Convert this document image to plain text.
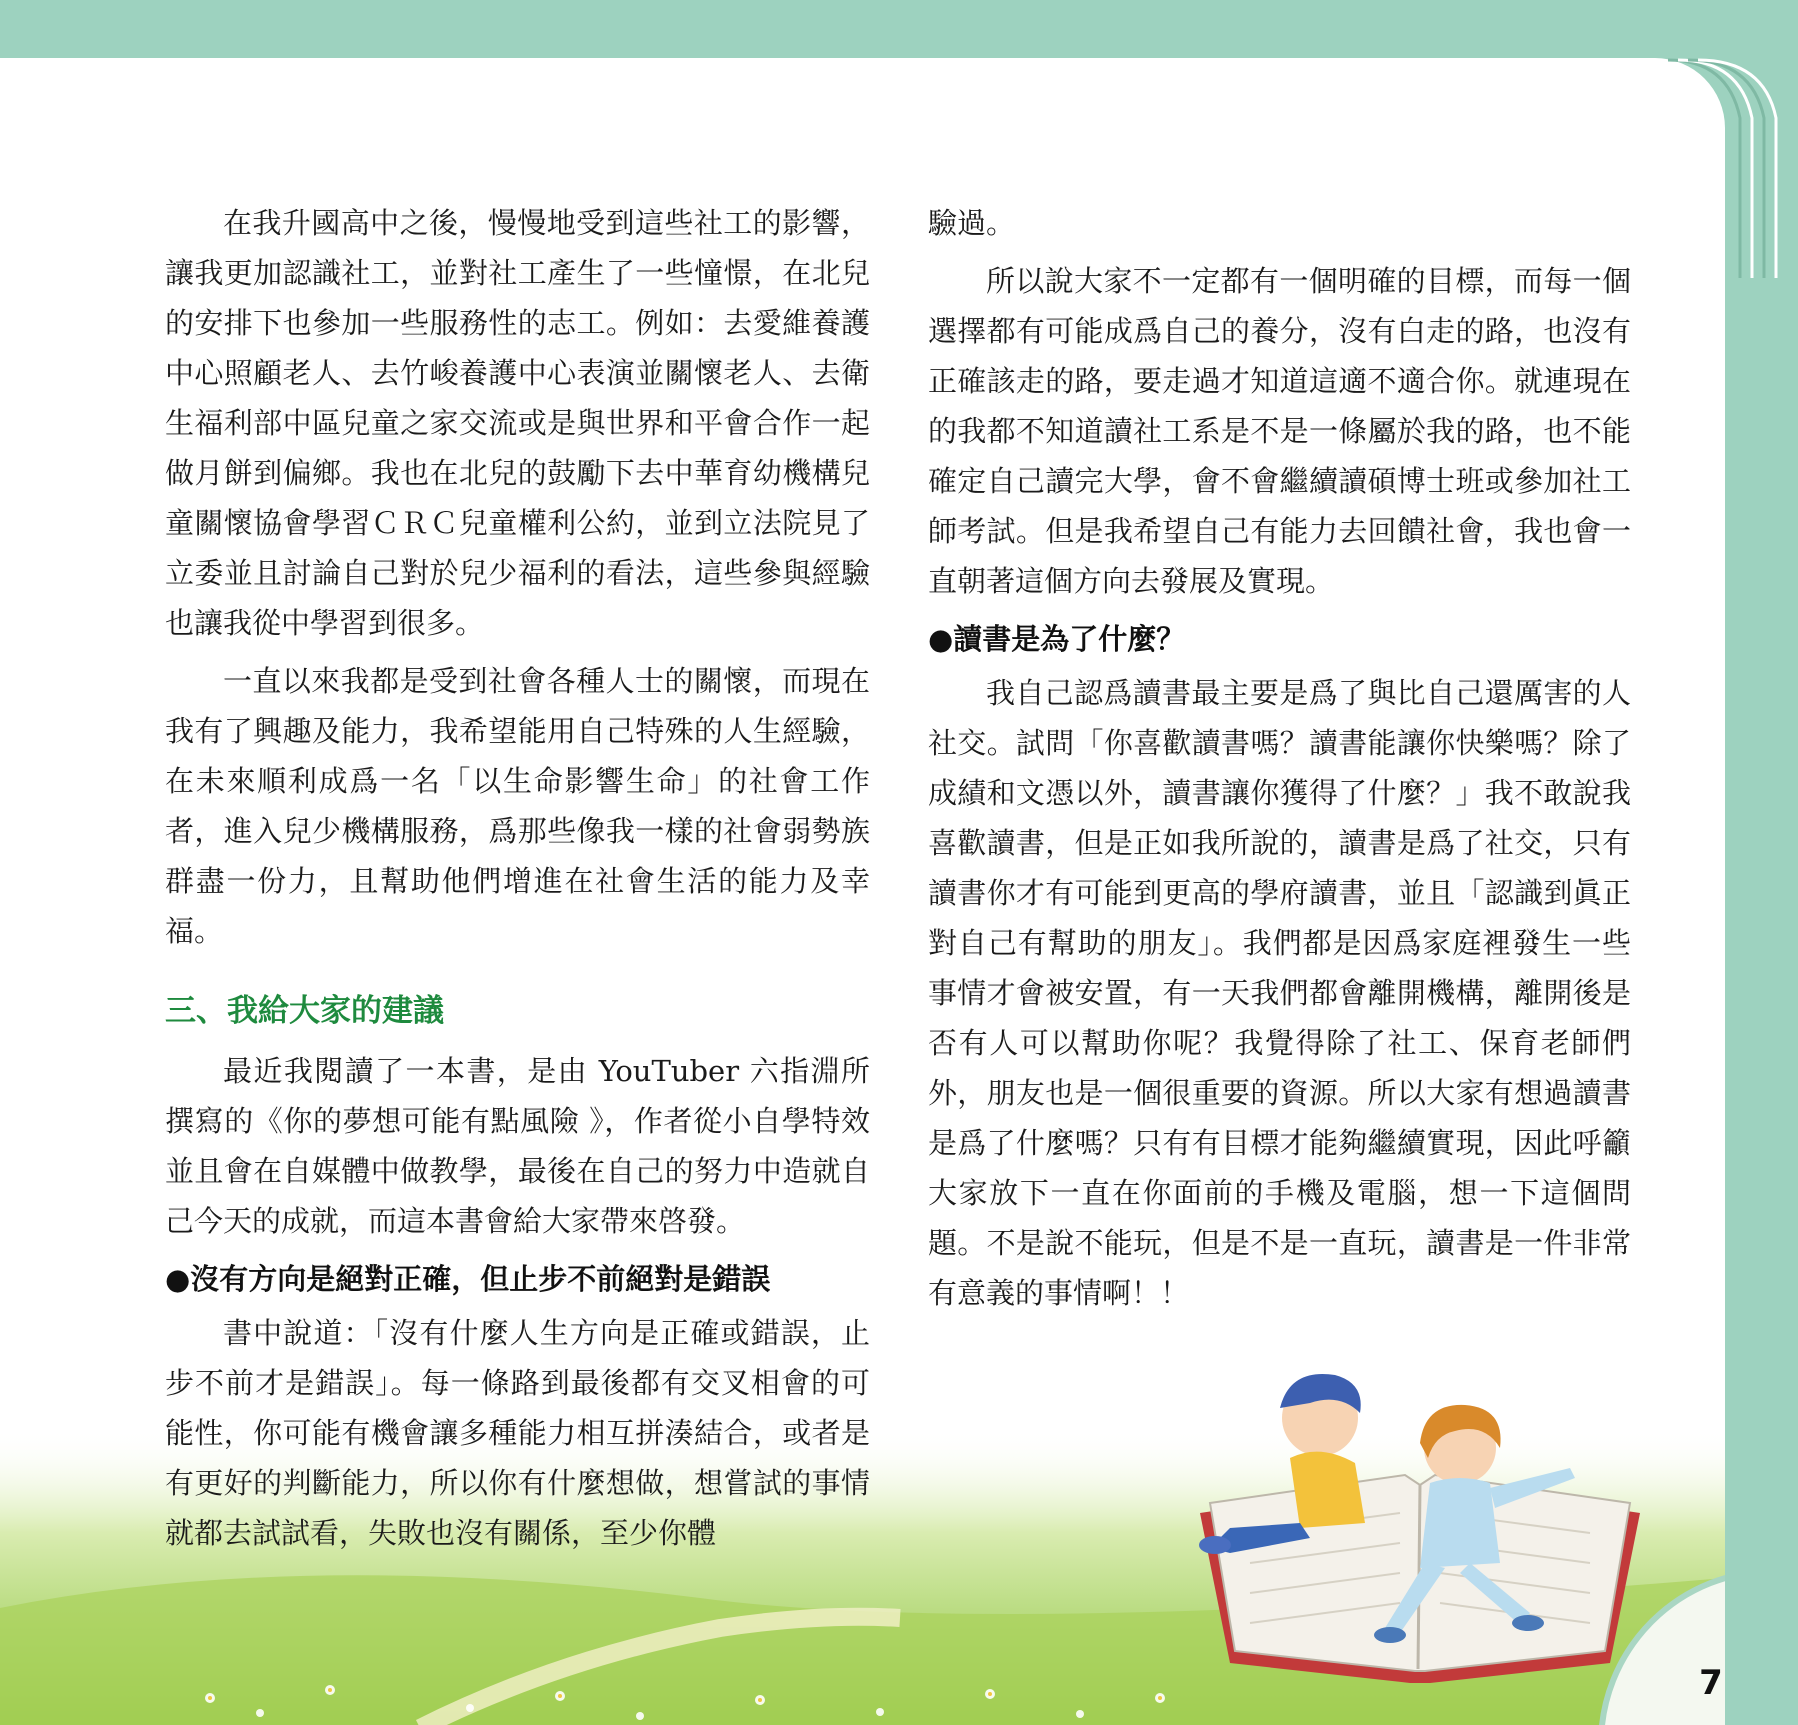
在我升國高中之後，慢慢地受到這些社工的影響，讓我更加認識社工，並對社工產生了一些憧憬，在北兒的安排下也參加一些服務性的志工。例如：去愛維養護中心照顧老人、去竹峻養護中心表演並關懷老人、去衛生福利部中區兒童之家交流或是與世界和平會合作一起做月餅到偏鄉。我也在北兒的鼓勵下去中華育幼機構兒童關懷協會學習ＣＲＣ兒童權利公約，並到立法院見了立委並且討論自己對於兒少福利的看法，這些參與經驗也讓我從中學習到很多。

一直以來我都是受到社會各種人士的關懷，而現在我有了興趣及能力，我希望能用自己特殊的人生經驗，在未來順利成爲一名「以生命影響生命」的社會工作者，進入兒少機構服務，爲那些像我一樣的社會弱勢族群盡一份力，且幫助他們增進在社會生活的能力及幸福。

三、我給大家的建議

最近我閱讀了一本書，是由 YouTuber 六指淵所撰寫的《你的夢想可能有點風險 》，作者從小自學特效並且會在自媒體中做教學，最後在自己的努力中造就自己今天的成就，而這本書會給大家帶來啓發。

●沒有方向是絕對正確，但止步不前絕對是錯誤

書中說道：「沒有什麼人生方向是正確或錯誤，止步不前才是錯誤」。每一條路到最後都有交叉相會的可能性，你可能有機會讓多種能力相互拼湊結合，或者是有更好的判斷能力，所以你有什麼想做，想嘗試的事情就都去試試看，失敗也沒有關係，至少你體

驗過。

所以說大家不一定都有一個明確的目標，而每一個選擇都有可能成爲自己的養分，沒有白走的路，也沒有正確該走的路，要走過才知道這適不適合你。就連現在的我都不知道讀社工系是不是一條屬於我的路，也不能確定自己讀完大學，會不會繼續讀碩博士班或參加社工師考試。但是我希望自己有能力去回饋社會，我也會一直朝著這個方向去發展及實現。

●讀書是為了什麼？

我自己認爲讀書最主要是爲了與比自己還厲害的人社交。試問「你喜歡讀書嗎？讀書能讓你快樂嗎？除了成績和文憑以外，讀書讓你獲得了什麼？」我不敢說我喜歡讀書，但是正如我所說的，讀書是爲了社交，只有讀書你才有可能到更高的學府讀書，並且「認識到眞正對自己有幫助的朋友」。我們都是因爲家庭裡發生一些事情才會被安置，有一天我們都會離開機構，離開後是否有人可以幫助你呢？我覺得除了社工、保育老師們外，朋友也是一個很重要的資源。所以大家有想過讀書是爲了什麼嗎？只有有目標才能夠繼續實現，因此呼籲大家放下一直在你面前的手機及電腦，想一下這個問題。不是說不能玩，但是不是一直玩，讀書是一件非常有意義的事情啊！！

7
